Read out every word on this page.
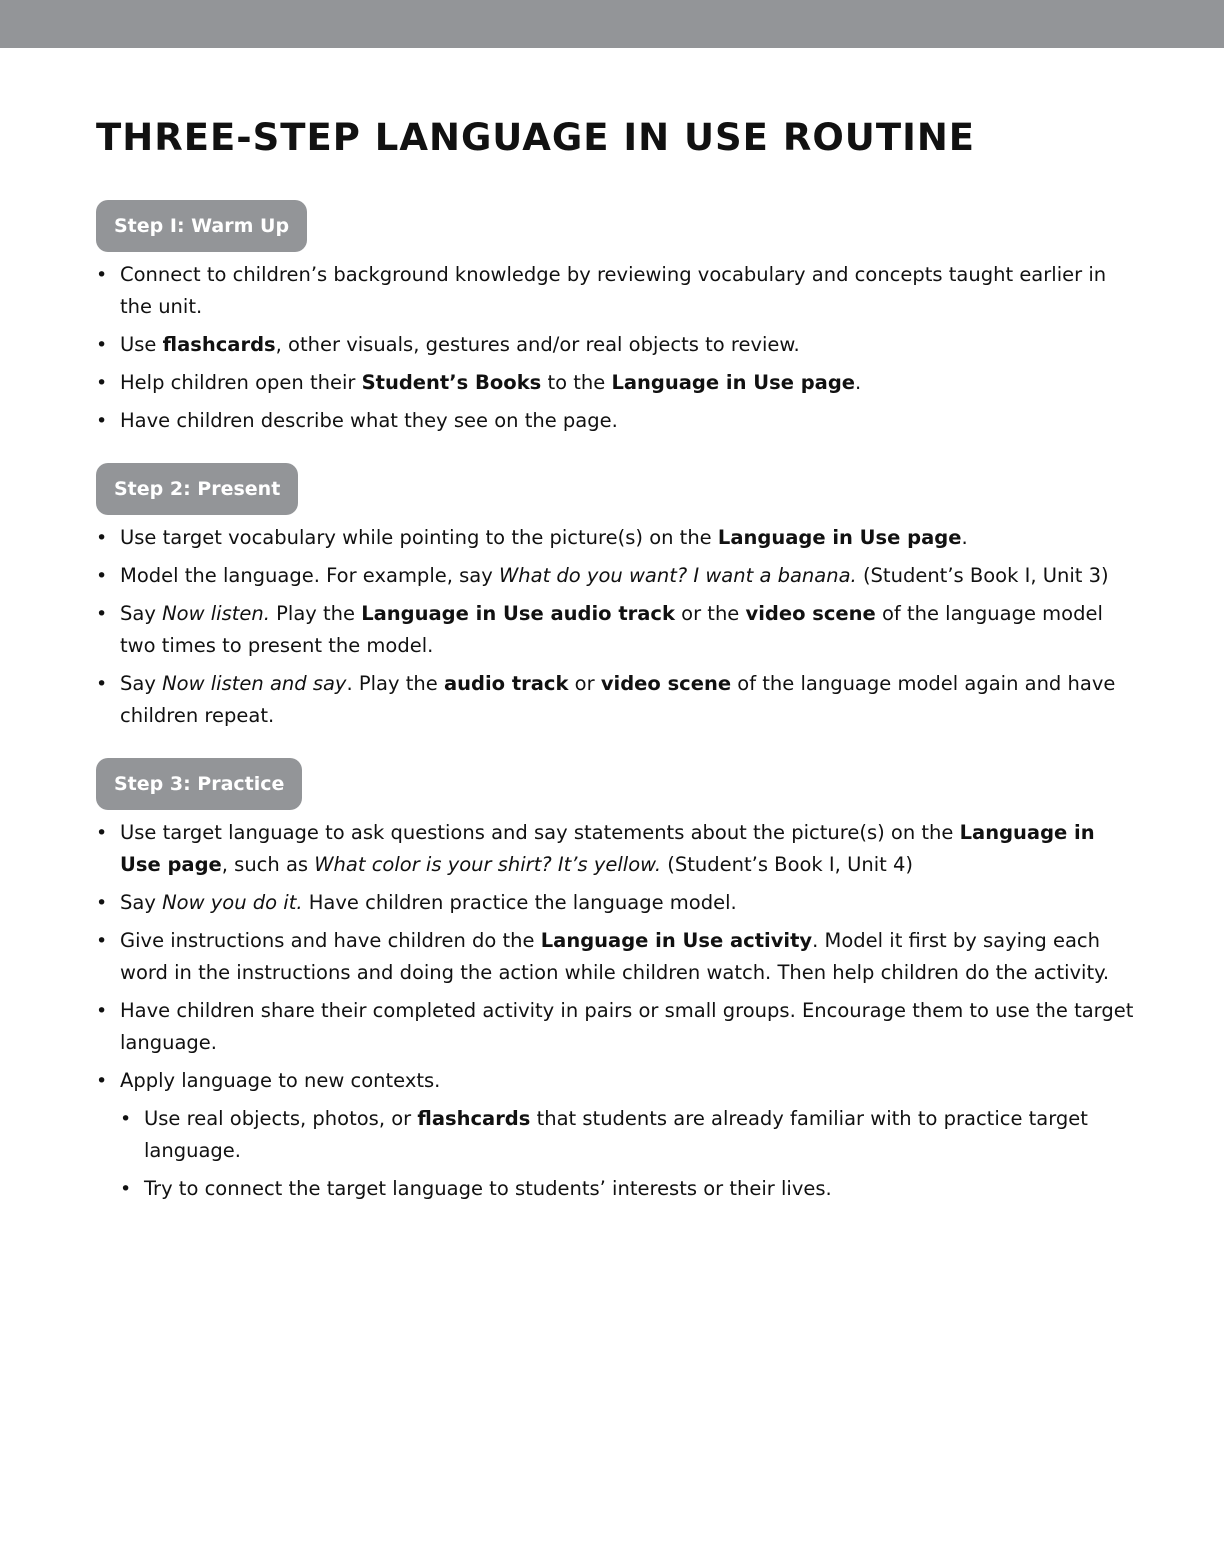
THREE-STEP LANGUAGE IN USE ROUTINE
Step I: Warm Up
• Connect to children’s background knowledge by reviewing vocabulary and concepts taught earlier in the unit.
• Use flashcards, other visuals, gestures and/or real objects to review.
• Help children open their Student’s Books to the Language in Use page.
• Have children describe what they see on the page.
Step 2: Present
• Use target vocabulary while pointing to the picture(s) on the Language in Use page.
• Model the language. For example, say What do you want? I want a banana. (Student’s Book I, Unit 3)
• Say Now listen. Play the Language in Use audio track or the video scene of the language model two times to present the model.
• Say Now listen and say. Play the audio track or video scene of the language model again and have children repeat.
Step 3: Practice
• Use target language to ask questions and say statements about the picture(s) on the Language in Use page, such as What color is your shirt? It’s yellow. (Student’s Book I, Unit 4)
• Say Now you do it. Have children practice the language model.
• Give instructions and have children do the Language in Use activity. Model it first by saying each word in the instructions and doing the action while children watch. Then help children do the activity.
• Have children share their completed activity in pairs or small groups. Encourage them to use the target language.
• Apply language to new contexts.
• Use real objects, photos, or flashcards that students are already familiar with to practice target language.
• Try to connect the target language to students’ interests or their lives.
